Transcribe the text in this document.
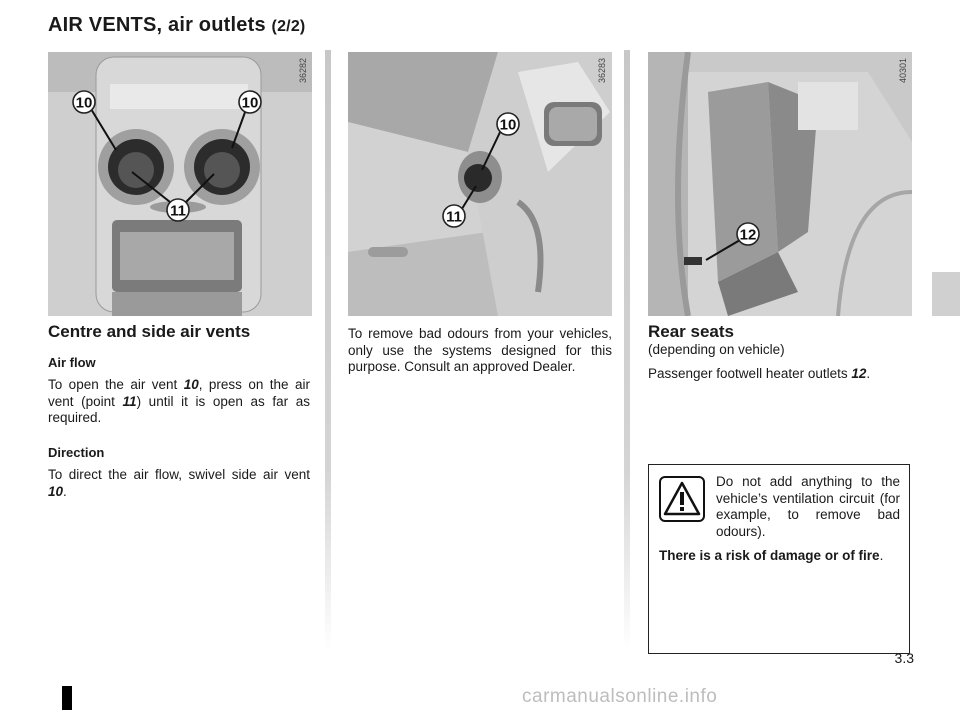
AIR VENTS, air outlets (2/2)
10	10
11
36282
10
11
36283
12
40301
Centre and side air vents
Air flow
To open the air vent 10, press on the air vent (point 11) until it is open as far as required.
Direction
To direct the air flow, swivel side air vent 10.
To remove bad odours from your vehicles, only use the systems designed for this purpose. Consult an approved Dealer.
Rear seats
(depending on vehicle)
Passenger footwell heater outlets 12.
Do not add anything to the vehicle’s ventilation circuit (for example, to remove bad odours).
There is a risk of damage or of fire.
3.3
carmanualsonline.info
